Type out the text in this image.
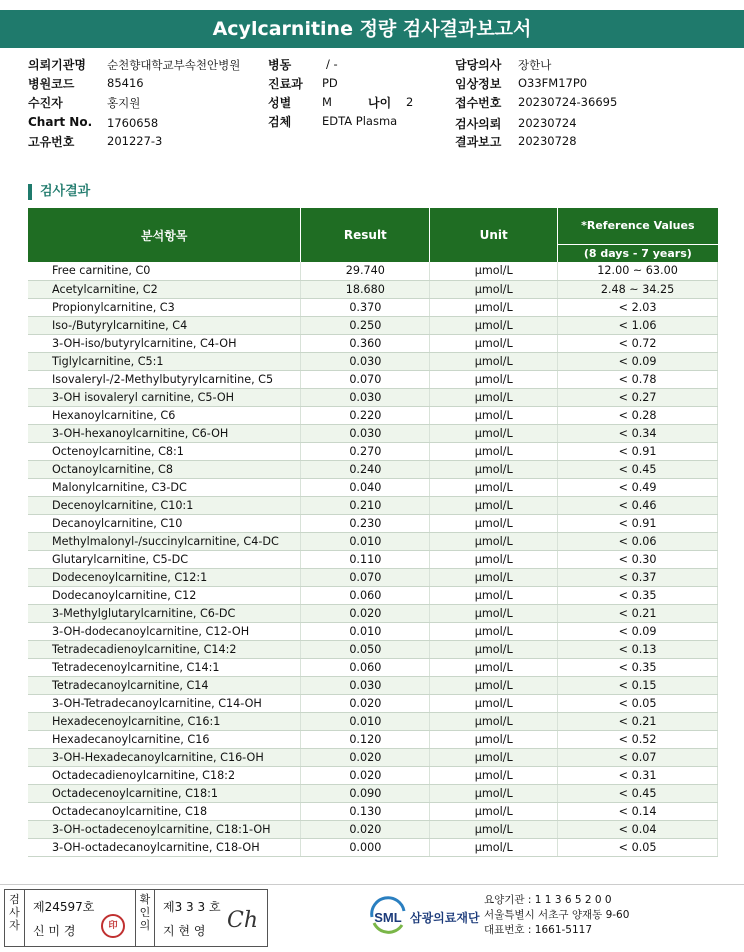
Acylcarnitine 정량 검사결과보고서
의뢰기관명 순천향대학교부속천안병원
병원코드	85416
수진자	홍지원
Chart No. 1760658
고유번호	201227-3
병동	/ -
진료과 PD
성별	M	나이 2
검체	EDTA Plasma
담당의사 장한나
임상정보 O33FM17P0
접수번호 20230724-36695
검사의뢰 20230724
결과보고 20230728
검사결과
분석항목	Result	Unit	*Reference Values
			(8 days - 7 years)
Free carnitine, C0	29.740	μmol/L	12.00 ~ 63.00
Acetylcarnitine, C2	18.680	μmol/L	2.48 ~ 34.25
Propionylcarnitine, C3	0.370	μmol/L	< 2.03
Iso-/Butyrylcarnitine, C4	0.250	μmol/L	< 1.06
3-OH-iso/butyrylcarnitine, C4-OH	0.360	μmol/L	< 0.72
Tiglylcarnitine, C5:1	0.030	μmol/L	< 0.09
Isovaleryl-/2-Methylbutyrylcarnitine, C5	0.070	μmol/L	< 0.78
3-OH isovaleryl carnitine, C5-OH	0.030	μmol/L	< 0.27
Hexanoylcarnitine, C6	0.220	μmol/L	< 0.28
3-OH-hexanoylcarnitine, C6-OH	0.030	μmol/L	< 0.34
Octenoylcarnitine, C8:1	0.270	μmol/L	< 0.91
Octanoylcarnitine, C8	0.240	μmol/L	< 0.45
Malonylcarnitine, C3-DC	0.040	μmol/L	< 0.49
Decenoylcarnitine, C10:1	0.210	μmol/L	< 0.46
Decanoylcarnitine, C10	0.230	μmol/L	< 0.91
Methylmalonyl-/succinylcarnitine, C4-DC	0.010	μmol/L	< 0.06
Glutarylcarnitine, C5-DC	0.110	μmol/L	< 0.30
Dodecenoylcarnitine, C12:1	0.070	μmol/L	< 0.37
Dodecanoylcarnitine, C12	0.060	μmol/L	< 0.35
3-Methylglutarylcarnitine, C6-DC	0.020	μmol/L	< 0.21
3-OH-dodecanoylcarnitine, C12-OH	0.010	μmol/L	< 0.09
Tetradecadienoylcarnitine, C14:2	0.050	μmol/L	< 0.13
Tetradecenoylcarnitine, C14:1	0.060	μmol/L	< 0.35
Tetradecanoylcarnitine, C14	0.030	μmol/L	< 0.15
3-OH-Tetradecanoylcarnitine, C14-OH	0.020	μmol/L	< 0.05
Hexadecenoylcarnitine, C16:1	0.010	μmol/L	< 0.21
Hexadecanoylcarnitine, C16	0.120	μmol/L	< 0.52
3-OH-Hexadecanoylcarnitine, C16-OH	0.020	μmol/L	< 0.07
Octadecadienoylcarnitine, C18:2	0.020	μmol/L	< 0.31
Octadecenoylcarnitine, C18:1	0.090	μmol/L	< 0.45
Octadecanoylcarnitine, C18	0.130	μmol/L	< 0.14
3-OH-octadecenoylcarnitine, C18:1-OH	0.020	μmol/L	< 0.04
3-OH-octadecanoylcarnitine, C18-OH	0.000	μmol/L	< 0.05
검사자
제24597호
신 미 경	印
확인의
제3 3 3 호
지 현 영 Ch	SML 삼광의료재단
요양기관 : 1 1 3 6 5 2 0 0
서울특별시 서초구 양재동 9-60
대표번호 : 1661-5117
